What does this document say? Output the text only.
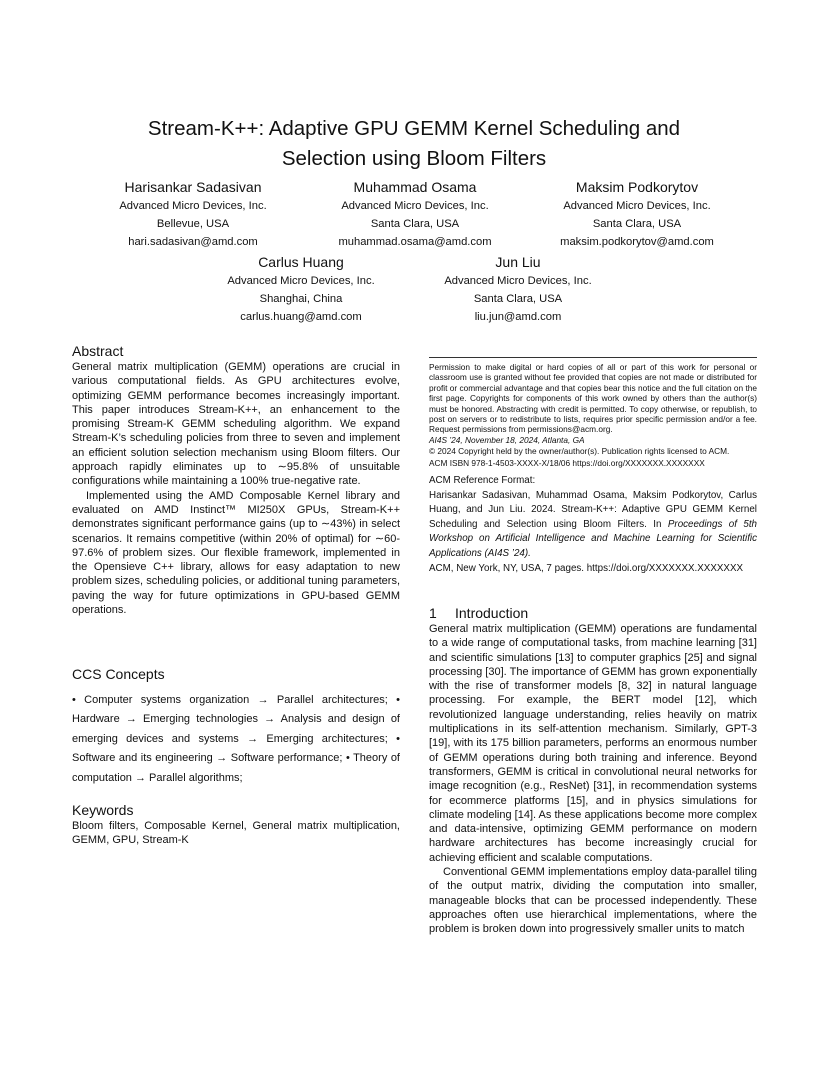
Stream-K++: Adaptive GPU GEMM Kernel Scheduling and
Selection using Bloom Filters
Harisankar Sadasivan
Advanced Micro Devices, Inc.
Bellevue, USA
hari.sadasivan@amd.com
Muhammad Osama
Advanced Micro Devices, Inc.
Santa Clara, USA
muhammad.osama@amd.com
Maksim Podkorytov
Advanced Micro Devices, Inc.
Santa Clara, USA
maksim.podkorytov@amd.com
Carlus Huang
Advanced Micro Devices, Inc.
Shanghai, China
carlus.huang@amd.com
Jun Liu
Advanced Micro Devices, Inc.
Santa Clara, USA
liu.jun@amd.com
Abstract

General matrix multiplication (GEMM) operations are crucial in various computational fields. As GPU architectures evolve, optimizing GEMM performance becomes increasingly important. This paper introduces Stream-K++, an enhancement to the promising Stream-K GEMM scheduling algorithm. We expand Stream-K’s scheduling policies from three to seven and implement an efficient solution selection mechanism using Bloom filters. Our approach rapidly eliminates up to ∼95.8% of unsuitable configurations while maintaining a 100% true-negative rate.

Implemented using the AMD Composable Kernel library and evaluated on AMD Instinct™ MI250X GPUs, Stream-K++ demonstrates significant performance gains (up to ∼43%) in select scenarios. It remains competitive (within 20% of optimal) for ∼60-97.6% of problem sizes. Our flexible framework, implemented in the Opensieve C++ library, allows for easy adaptation to new problem sizes, scheduling policies, or additional tuning parameters, paving the way for future optimizations in GPU-based GEMM operations.

CCS Concepts

• Computer systems organization → Parallel architectures; • Hardware → Emerging technologies → Analysis and design of emerging devices and systems → Emerging architectures; • Software and its engineering → Software performance; • Theory of computation → Parallel algorithms;

Keywords

Bloom filters, Composable Kernel, General matrix multiplication, GEMM, GPU, Stream-K

Permission to make digital or hard copies of all or part of this work for personal or classroom use is granted without fee provided that copies are not made or distributed for profit or commercial advantage and that copies bear this notice and the full citation on the first page. Copyrights for components of this work owned by others than the author(s) must be honored. Abstracting with credit is permitted. To copy otherwise, or republish, to post on servers or to redistribute to lists, requires prior specific permission and/or a fee. Request permissions from permissions@acm.org.

AI4S ’24, November 18, 2024, Atlanta, GA

© 2024 Copyright held by the owner/author(s). Publication rights licensed to ACM.

ACM ISBN 978-1-4503-XXXX-X/18/06 https://doi.org/XXXXXXX.XXXXXXX

ACM Reference Format:

Harisankar Sadasivan, Muhammad Osama, Maksim Podkorytov, Carlus Huang, and Jun Liu. 2024. Stream-K++: Adaptive GPU GEMM Kernel Scheduling and Selection using Bloom Filters. In Proceedings of 5th Workshop on Artificial Intelligence and Machine Learning for Scientific Applications (AI4S ’24).

ACM, New York, NY, USA, 7 pages. https://doi.org/XXXXXXX.XXXXXXX

1 Introduction

General matrix multiplication (GEMM) operations are fundamental to a wide range of computational tasks, from machine learning [31] and scientific simulations [13] to computer graphics [25] and signal processing [30]. The importance of GEMM has grown exponentially with the rise of transformer models [8, 32] in natural language processing. For example, the BERT model [12], which revolutionized language understanding, relies heavily on matrix multiplications in its self-attention mechanism. Similarly, GPT-3 [19], with its 175 billion parameters, performs an enormous number of GEMM operations during both training and inference. Beyond transformers, GEMM is critical in convolutional neural networks for image recognition (e.g., ResNet) [31], in recommendation systems for ecommerce platforms [15], and in physics simulations for climate modeling [14]. As these applications become more complex and data-intensive, optimizing GEMM performance on modern hardware architectures has become increasingly crucial for achieving efficient and scalable computations.

Conventional GEMM implementations employ data-parallel tiling of the output matrix, dividing the computation into smaller, manageable blocks that can be processed independently. These approaches often use hierarchical implementations, where the problem is broken down into progressively smaller units to match
